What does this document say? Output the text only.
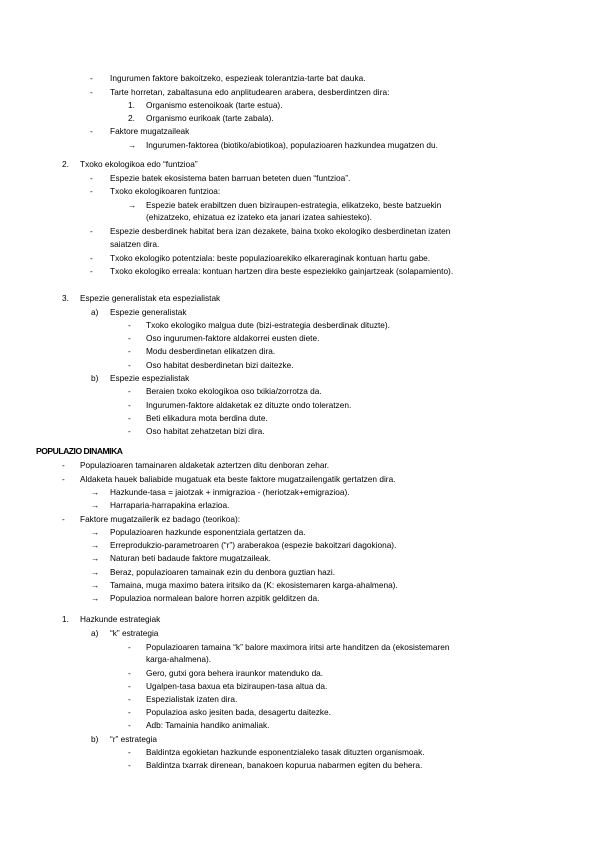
- Ingurumen faktore bakoitzeko, espezieak tolerantzia-tarte bat dauka.
- Tarte horretan, zabaltasuna edo anplitudearen arabera, desberdintzen dira:
1. Organismo estenoikoak (tarte estua).
2. Organismo eurikoak (tarte zabala).
- Faktore mugatzaileak
→ Ingurumen-faktorea (biotiko/abiotikoa), populazioaren hazkundea mugatzen du.
2. Txoko ekologikoa edo “funtzioa”
- Espezie batek ekosistema baten barruan beteten duen “funtzioa”.
- Txoko ekologikoaren funtzioa:
→ Espezie batek erabiltzen duen biziraupen-estrategia, elikatzeko, beste batzuekin
(ehizatzeko, ehizatua ez izateko eta janari izatea sahiesteko).
- Espezie desberdinek habitat bera izan dezakete, baina txoko ekologiko desberdinetan izaten
saiatzen dira.
- Txoko ekologiko potentziala: beste populazioarekiko elkareraginak kontuan hartu gabe.
- Txoko ekologiko erreala: kontuan hartzen dira beste espeziekiko gainjartzeak (solapamiento).
3. Espezie generalistak eta espezialistak
a) Espezie generalistak
- Txoko ekologiko malgua dute (bizi-estrategia desberdinak dituzte).
- Oso ingurumen-faktore aldakorrei eusten diete.
- Modu desberdinetan elikatzen dira.
- Oso habitat desberdinetan bizi daitezke.
b) Espezie espezialistak
- Beraien txoko ekologikoa oso txikia/zorrotza da.
- Ingurumen-faktore aldaketak ez dituzte ondo toleratzen.
- Beti elikadura mota berdina dute.
- Oso habitat zehatzetan bizi dira.
POPULAZIO DINAMIKA
- Populazioaren tamainaren aldaketak aztertzen ditu denboran zehar.
- Aldaketa hauek baliabide mugatuak eta beste faktore mugatzailengatik gertatzen dira.
→ Hazkunde-tasa = jaiotzak + inmigrazioa - (heriotzak+emigrazioa).
→ Harraparia-harrapakina erlazioa.
- Faktore mugatzailerik ez badago (teorikoa):
→ Populazioaren hazkunde esponentziala gertatzen da.
→ Erreprodukzio-parametroaren (“r”) araberakoa (espezie bakoitzari dagokiona).
→ Naturan beti badaude faktore mugatzaileak.
→ Beraz, populazioaren tamainak ezin du denbora guztian hazi.
→ Tamaina, muga maximo batera iritsiko da (K: ekosistemaren karga-ahalmena).
→ Populazioa normalean balore horren azpitik gelditzen da.
1. Hazkunde estrategiak
a) “k” estrategia
- Populazioaren tamaina “k” balore maximora iritsi arte handitzen da (ekosistemaren
karga-ahalmena).
- Gero, gutxi gora behera iraunkor matenduko da.
- Ugalpen-tasa baxua eta biziraupen-tasa altua da.
- Espezialistak izaten dira.
- Populazioa asko jesiten bada, desagertu daitezke.
- Adb: Tamainia handiko animaliak.
b) “r” estrategia
- Baldintza egokietan hazkunde esponentzialeko tasak dituzten organismoak.
- Baldintza txarrak direnean, banakoen kopurua nabarmen egiten du behera.
